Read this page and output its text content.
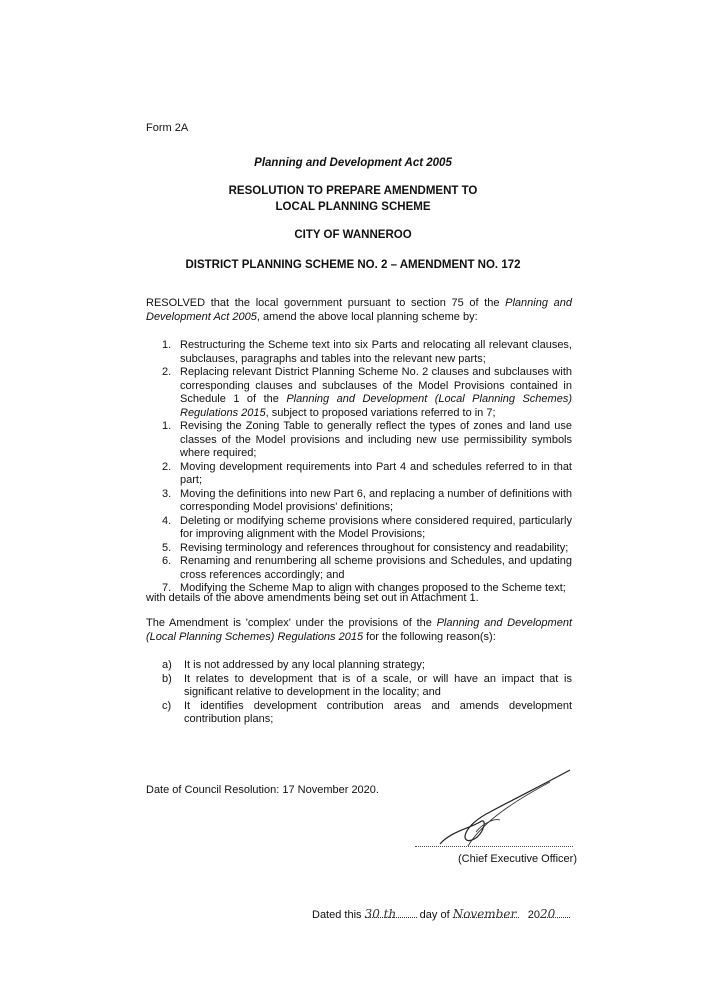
Form 2A
Planning and Development Act 2005
RESOLUTION TO PREPARE AMENDMENT TO
LOCAL PLANNING SCHEME
CITY OF WANNEROO
DISTRICT PLANNING SCHEME NO. 2 – AMENDMENT NO. 172
RESOLVED that the local government pursuant to section 75 of the Planning and Development Act 2005, amend the above local planning scheme by:
1. Restructuring the Scheme text into six Parts and relocating all relevant clauses, subclauses, paragraphs and tables into the relevant new parts;
2. Replacing relevant District Planning Scheme No. 2 clauses and subclauses with corresponding clauses and subclauses of the Model Provisions contained in Schedule 1 of the Planning and Development (Local Planning Schemes) Regulations 2015, subject to proposed variations referred to in 7;
1. Revising the Zoning Table to generally reflect the types of zones and land use classes of the Model provisions and including new use permissibility symbols where required;
2. Moving development requirements into Part 4 and schedules referred to in that part;
3. Moving the definitions into new Part 6, and replacing a number of definitions with corresponding Model provisions' definitions;
4. Deleting or modifying scheme provisions where considered required, particularly for improving alignment with the Model Provisions;
5. Revising terminology and references throughout for consistency and readability;
6. Renaming and renumbering all scheme provisions and Schedules, and updating cross references accordingly; and
7. Modifying the Scheme Map to align with changes proposed to the Scheme text;
with details of the above amendments being set out in Attachment 1.
The Amendment is 'complex' under the provisions of the Planning and Development (Local Planning Schemes) Regulations 2015 for the following reason(s):
a) It is not addressed by any local planning strategy;
b) It relates to development that is of a scale, or will have an impact that is significant relative to development in the locality; and
c) It identifies development contribution areas and amends development contribution plans;
Date of Council Resolution: 17 November 2020.
(Chief Executive Officer)
Dated this 30 th day of November 2020
